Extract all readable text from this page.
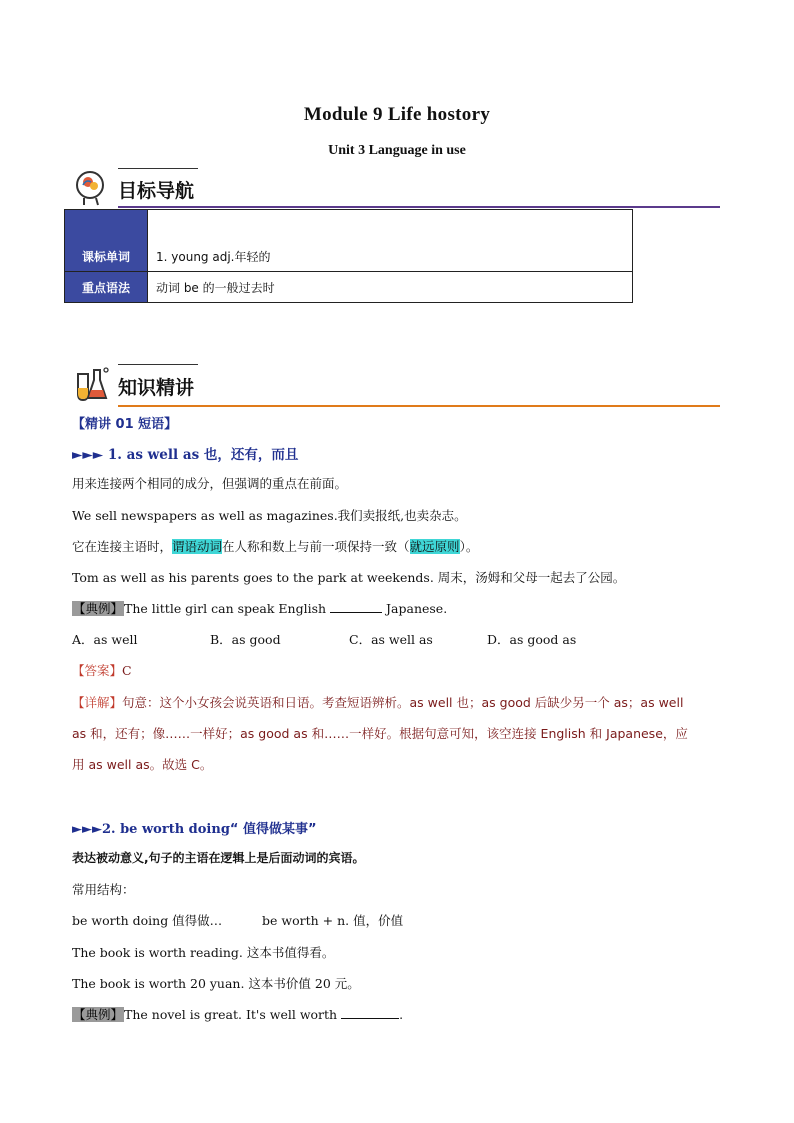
Module 9 Life hostory
Unit 3 Language in use
目标导航
课标单词	1. young adj.年轻的
重点语法	动词 be 的一般过去时
知识精讲
【精讲 01 短语】
►►► 1. as well as 也，还有，而且
用来连接两个相同的成分，但强调的重点在前面。
We sell newspapers as well as magazines.我们卖报纸,也卖杂志。
它在连接主语时，谓语动词在人称和数上与前一项保持一致（就远原则）。
Tom as well as his parents goes to the park at weekends. 周末，汤姆和父母一起去了公园。
【典例】The little girl can speak English	Japanese.
A．as well	B．as good	C．as well as	D．as good as
【答案】C
【详解】句意：这个小女孩会说英语和日语。考查短语辨析。as well 也；as good 后缺少另一个 as；as well
as 和，还有；像……一样好；as good as 和……一样好。根据句意可知，该空连接 English 和 Japanese，应
用 as well as。故选 C。
►►►2. be worth doing“ 值得做某事”
表达被动意义,句子的主语在逻辑上是后面动词的宾语。
常用结构：
be worth doing 值得做…	be worth + n. 值，价值
The book is worth reading. 这本书值得看。
The book is worth 20 yuan. 这本书价值 20 元。
【典例】The novel is great. It's well worth	.
